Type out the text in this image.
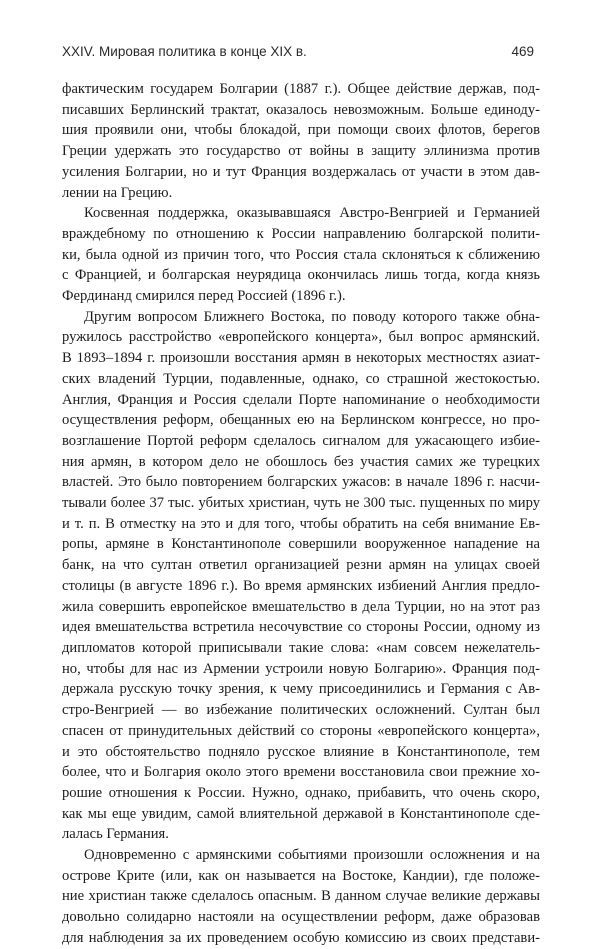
XXIV. Мировая политика в конце XIX в.	469

фактическим государем Болгарии (1887 г.). Общее действие держав, под-
писавших Берлинский трактат, оказалось невозможным. Больше единоду-
шия проявили они, чтобы блокадой, при помощи своих флотов, берегов
Греции удержать это государство от войны в защиту эллинизма против
усиления Болгарии, но и тут Франция воздержалась от участи в этом дав-
лении на Грецию.

Косвенная поддержка, оказывавшаяся Австро-Венгрией и Германией
враждебному по отношению к России направлению болгарской полити-
ки, была одной из причин того, что Россия стала склоняться к сближению
с Францией, и болгарская неурядица окончилась лишь тогда, когда князь
Фердинанд смирился перед Россией (1896 г.).

Другим вопросом Ближнего Востока, по поводу которого также обна-
ружилось расстройство «европейского концерта», был вопрос армянский.
В 1893–1894 г. произошли восстания армян в некоторых местностях азиат-
ских владений Турции, подавленные, однако, со страшной жестокостью.
Англия, Франция и Россия сделали Порте напоминание о необходимости
осуществления реформ, обещанных ею на Берлинском конгрессе, но про-
возглашение Портой реформ сделалось сигналом для ужасающего избие-
ния армян, в котором дело не обошлось без участия самих же турецких
властей. Это было повторением болгарских ужасов: в начале 1896 г. насчи-
тывали более 37 тыс. убитых христиан, чуть не 300 тыс. пущенных по миру
и т. п. В отместку на это и для того, чтобы обратить на себя внимание Ев-
ропы, армяне в Константинополе совершили вооруженное нападение на
банк, на что султан ответил организацией резни армян на улицах своей
столицы (в августе 1896 г.). Во время армянских избиений Англия предло-
жила совершить европейское вмешательство в дела Турции, но на этот раз
идея вмешательства встретила несочувствие со стороны России, одному из
дипломатов которой приписывали такие слова: «нам совсем нежелатель-
но, чтобы для нас из Армении устроили новую Болгарию». Франция под-
держала русскую точку зрения, к чему присоединились и Германия с Ав-
стро-Венгрией — во избежание политических осложнений. Султан был
спасен от принудительных действий со стороны «европейского концерта»,
и это обстоятельство подняло русское влияние в Константинополе, тем
более, что и Болгария около этого времени восстановила свои прежние хо-
рошие отношения к России. Нужно, однако, прибавить, что очень скоро,
как мы еще увидим, самой влиятельной державой в Константинополе сде-
лалась Германия.

Одновременно с армянскими событиями произошли осложнения и на
острове Крите (или, как он называется на Востоке, Кандии), где положе-
ние христиан также сделалось опасным. В данном случае великие державы
довольно солидарно настояли на осуществлении реформ, даже образовав
для наблюдения за их проведением особую комиссию из своих представи-
